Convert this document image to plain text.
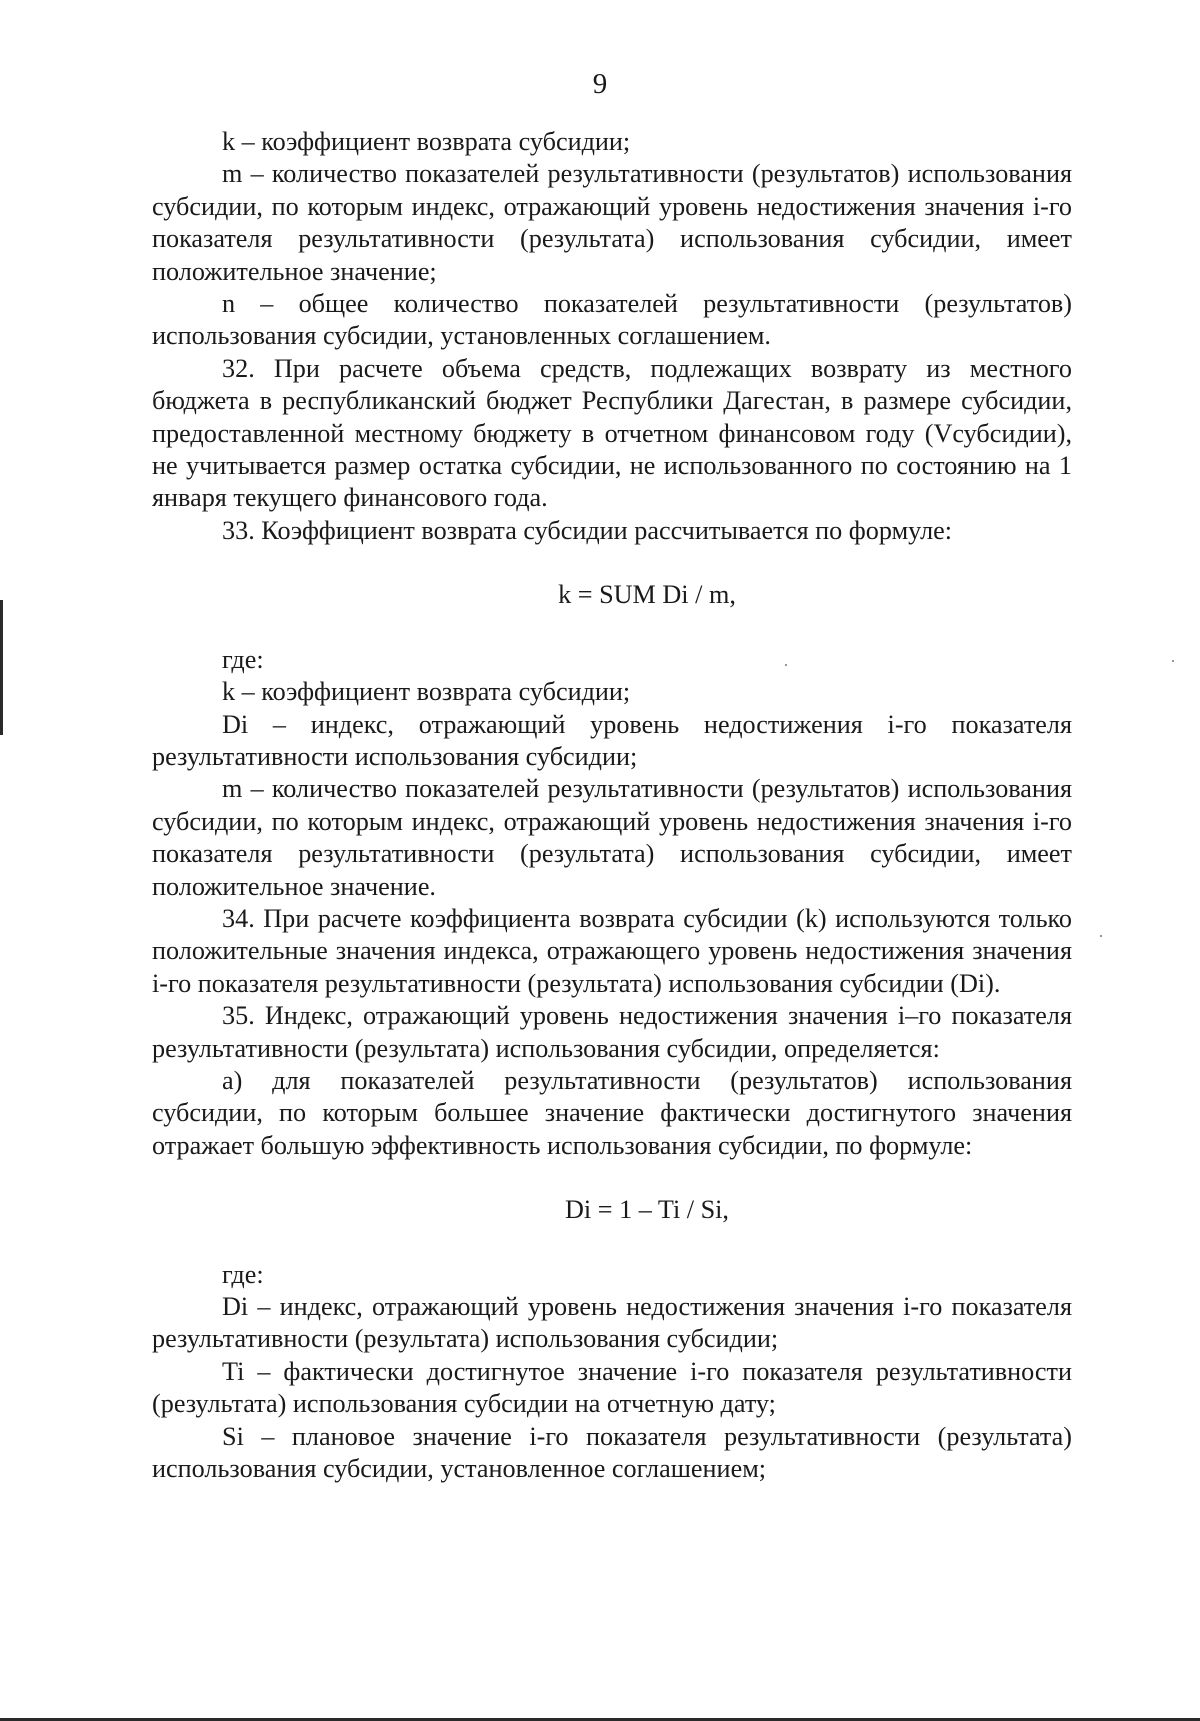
9

k – коэффициент возврата субсидии;

m – количество показателей результативности (результатов) использования субсидии, по которым индекс, отражающий уровень недостижения значения i-го показателя результативности (результата) использования субсидии, имеет положительное значение;

n – общее количество показателей результативности (результатов) использования субсидии, установленных соглашением.

32. При расчете объема средств, подлежащих возврату из местного бюджета в республиканский бюджет Республики Дагестан, в размере субсидии, предоставленной местному бюджету в отчетном финансовом году (Vсубсидии), не учитывается размер остатка субсидии, не использованного по состоянию на 1 января текущего финансового года.

33. Коэффициент возврата субсидии рассчитывается по формуле:

k = SUM Di / m,

где:

k – коэффициент возврата субсидии;

Di – индекс, отражающий уровень недостижения i-го показателя результативности использования субсидии;

m – количество показателей результативности (результатов) использования субсидии, по которым индекс, отражающий уровень недостижения значения i-го показателя результативности (результата) использования субсидии, имеет положительное значение.

34. При расчете коэффициента возврата субсидии (k) используются только положительные значения индекса, отражающего уровень недостижения значения i-го показателя результативности (результата) использования субсидии (Di).

35. Индекс, отражающий уровень недостижения значения i–го показателя результативности (результата) использования субсидии, определяется:

а) для показателей результативности (результатов) использования субсидии, по которым большее значение фактически достигнутого значения отражает большую эффективность использования субсидии, по формуле:

Di = 1 – Ti / Si,

где:

Di – индекс, отражающий уровень недостижения значения i-го показателя результативности (результата) использования субсидии;

Ti – фактически достигнутое значение i-го показателя результативности (результата) использования субсидии на отчетную дату;

Si – плановое значение i-го показателя результативности (результата) использования субсидии, установленное соглашением;
